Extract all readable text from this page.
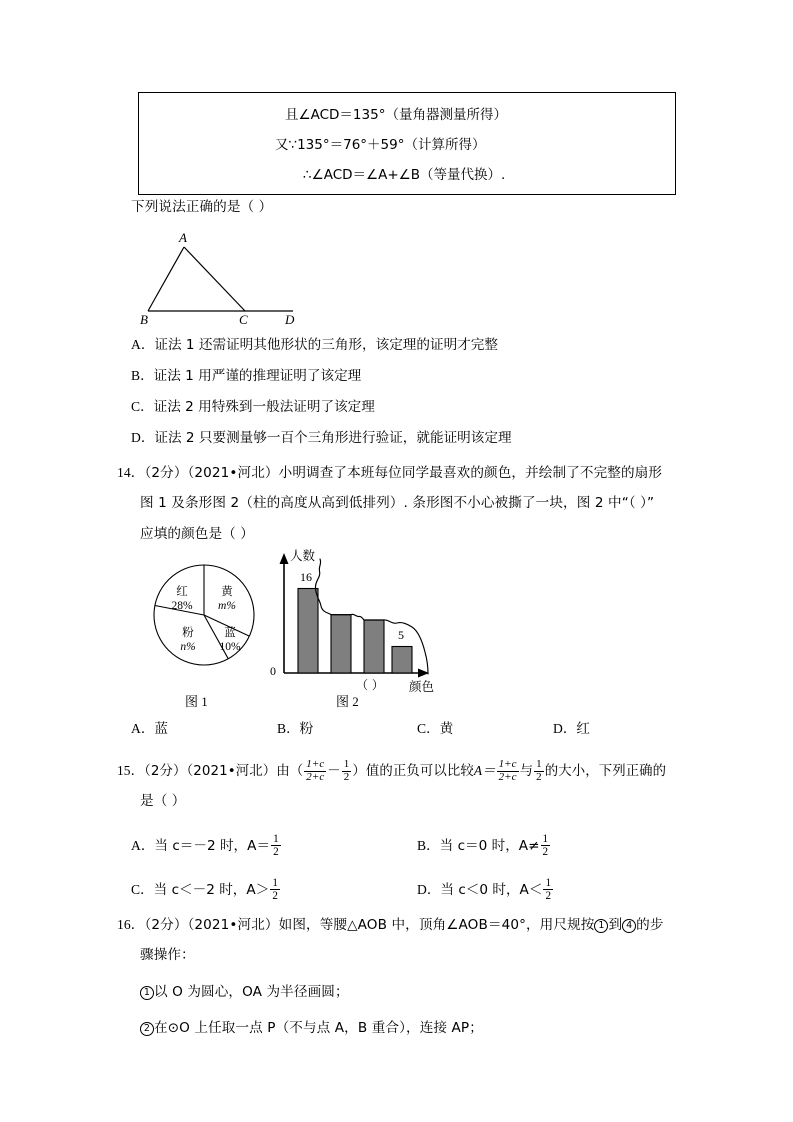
且∠ACD＝135°（量角器测量所得）
又∵135°＝76°＋59°（计算所得）
∴∠ACD＝∠A+∠B（等量代换）.
下列说法正确的是（ ）
A
B	C	D
A．证法 1 还需证明其他形状的三角形，该定理的证明才完整
B．证法 1 用严谨的推理证明了该定理
C．证法 2 用特殊到一般法证明了该定理
D．证法 2 只要测量够一百个三角形进行验证，就能证明该定理
14．（2分）（2021•河北）小明调查了本班每位同学最喜欢的颜色，并绘制了不完整的扇形
图 1 及条形图 2（柱的高度从高到低排列）. 条形图不小心被撕了一块，图 2 中“（ ）”
应填的颜色是（ ）
红
28%
黄
m%
粉
n%
蓝
10%
图 1
人数
0
颜色
16
5
（ ）
图 2
A．蓝	B．粉	C．黄	D．红
15．（2分）（2021•河北）由（ $\frac{1+c}{2+c} - \frac{1}{2}$ ）值的正负可以比较$A= \frac{1+c}{2+c}$ 与 $\frac{1}{2}$ 的大小，下列正确的
是（ ）
A．当 c＝－2 时，$A= \frac{1}{2}$	B．当 c＝0 时，$A\ne \frac{1}{2}$
C．当 c＜－2 时，$A> \frac{1}{2}$	D．当 c＜0 时，$A< \frac{1}{2}$
16．（2分）（2021•河北）如图，等腰△AOB 中，顶角∠AOB＝40°，用尺规按 1 到 4 的步
骤操作：
1 以 O 为圆心，OA 为半径画圆；
2 在⊙O 上任取一点 P（不与点 A，B 重合），连接 AP；
